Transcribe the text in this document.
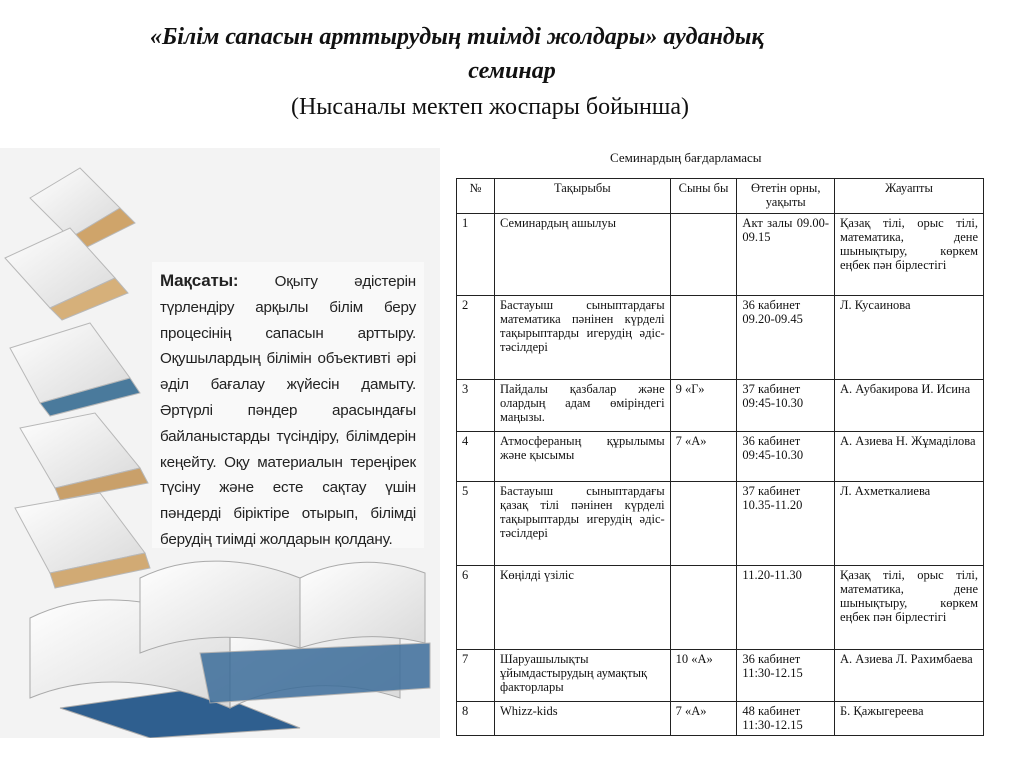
«Білім сапасын арттырудың тиімді жолдары» аудандық
семинар
(Нысаналы мектеп жоспары бойынша)
Мақсаты: Оқыту әдістерін түрлендіру арқылы білім беру процесінің сапасын арттыру. Оқушылардың білімін объективті әрі әділ бағалау жүйесін дамыту. Әртүрлі пәндер арасындағы байланыстарды түсіндіру, білімдерін кеңейту. Оқу материалын тереңірек түсіну және есте сақтау үшін пәндерді біріктіре отырып, білімді берудің тиімді жолдарын қолдану.
Семинардың бағдарламасы
№	Тақырыбы	Сыны бы	Өтетін орны, уақыты	Жауапты
1	Семинардың ашылуы		Акт залы 09.00-09.15	Қазақ тілі, орыс тілі, математика, дене шынықтыру, көркем еңбек пән бірлестігі
2	Бастауыш сыныптардағы математика пәнінен күрделі тақырыптарды игерудің әдіс-тәсілдері		36 кабинет 09.20-09.45	Л. Кусаинова
3	Пайдалы қазбалар және олардың адам өміріндегі маңызы.	9 «Г»	37 кабинет 09:45-10.30	А. Аубакирова И. Исина
4	Атмосфераның құрылымы және қысымы	7 «А»	36 кабинет 09:45-10.30	А. Азиева Н. Жұмаділова
5	Бастауыш сыныптардағы қазақ тілі пәнінен күрделі тақырыптарды игерудің әдіс-тәсілдері		37 кабинет 10.35-11.20	Л. Ахметкалиева
6	Көңілді үзіліс		11.20-11.30	Қазақ тілі, орыс тілі, математика, дене шынықтыру, көркем еңбек пән бірлестігі
7	Шаруашылықты ұйымдастырудың аумақтық факторлары	10 «А»	36 кабинет 11:30-12.15	А. Азиева Л. Рахимбаева
8	Whizz-kids	7 «А»	48 кабинет 11:30-12.15	Б. Қажыгереева
